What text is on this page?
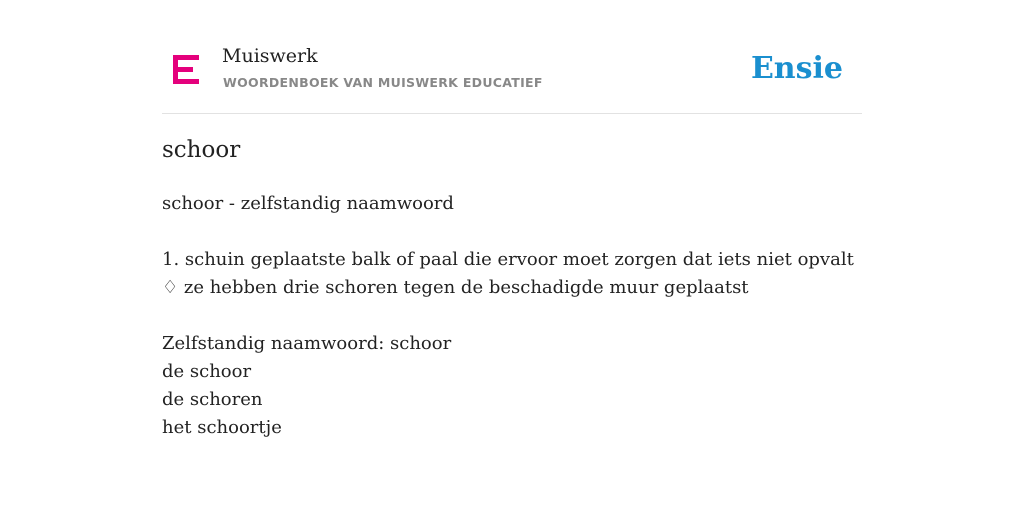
Muiswerk
WOORDENBOEK VAN MUISWERK EDUCATIEF	Ensie
schoor
schoor - zelfstandig naamwoord
1. schuin geplaatste balk of paal die ervoor moet zorgen dat iets niet opvalt
♢ ze hebben drie schoren tegen de beschadigde muur geplaatst
Zelfstandig naamwoord: schoor
de schoor
de schoren
het schoortje
